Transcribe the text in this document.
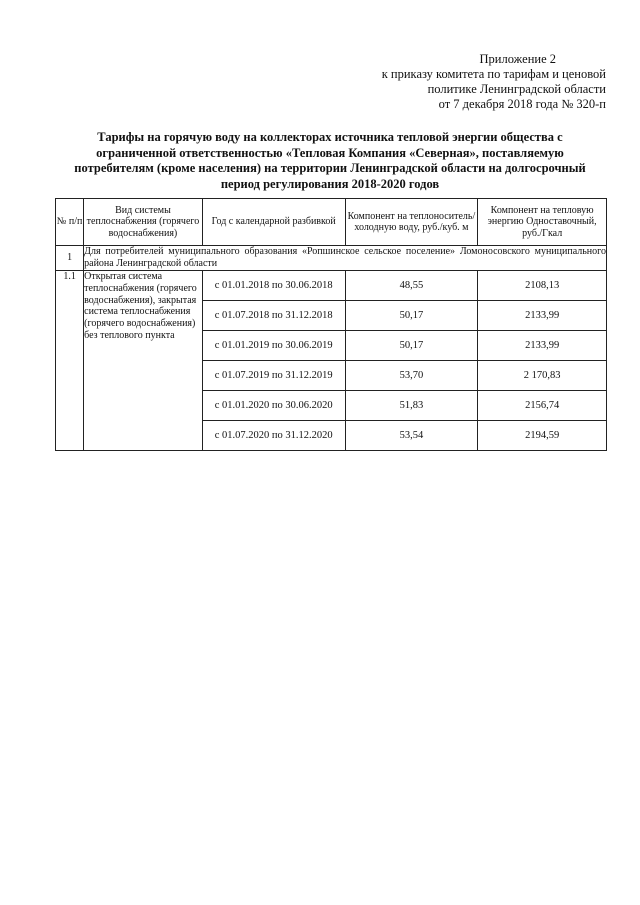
Приложение 2
к приказу комитета по тарифам и ценовой
политике Ленинградской области
от 7 декабря 2018 года № 320-п
Тарифы на горячую воду на коллекторах источника тепловой энергии общества с
ограниченной ответственностью «Тепловая Компания «Северная», поставляемую
потребителям (кроме населения) на территории Ленинградской области на долгосрочный
период регулирования 2018-2020 годов
№ п/п	Вид системы теплоснабжения (горячего водоснабжения)	Год с календарной разбивкой	Компонент на теплоноситель/холодную воду, руб./куб. м	Компонент на тепловую энергию Одноставочный, руб./Гкал
1	Для потребителей муниципального образования «Ропшинское сельское поселение» Ломоносовского муниципального района Ленинградской области			
1.1	Открытая система теплоснабжения (горячего водоснабжения), закрытая система теплоснабжения (горячего водоснабжения) без теплового пункта	с 01.01.2018 по 30.06.2018	48,55	2108,13
		с 01.07.2018 по 31.12.2018	50,17	2133,99
		с 01.01.2019 по 30.06.2019	50,17	2133,99
		с 01.07.2019 по 31.12.2019	53,70	2 170,83
		с 01.01.2020 по 30.06.2020	51,83	2156,74
		с 01.07.2020 по 31.12.2020	53,54	2194,59
